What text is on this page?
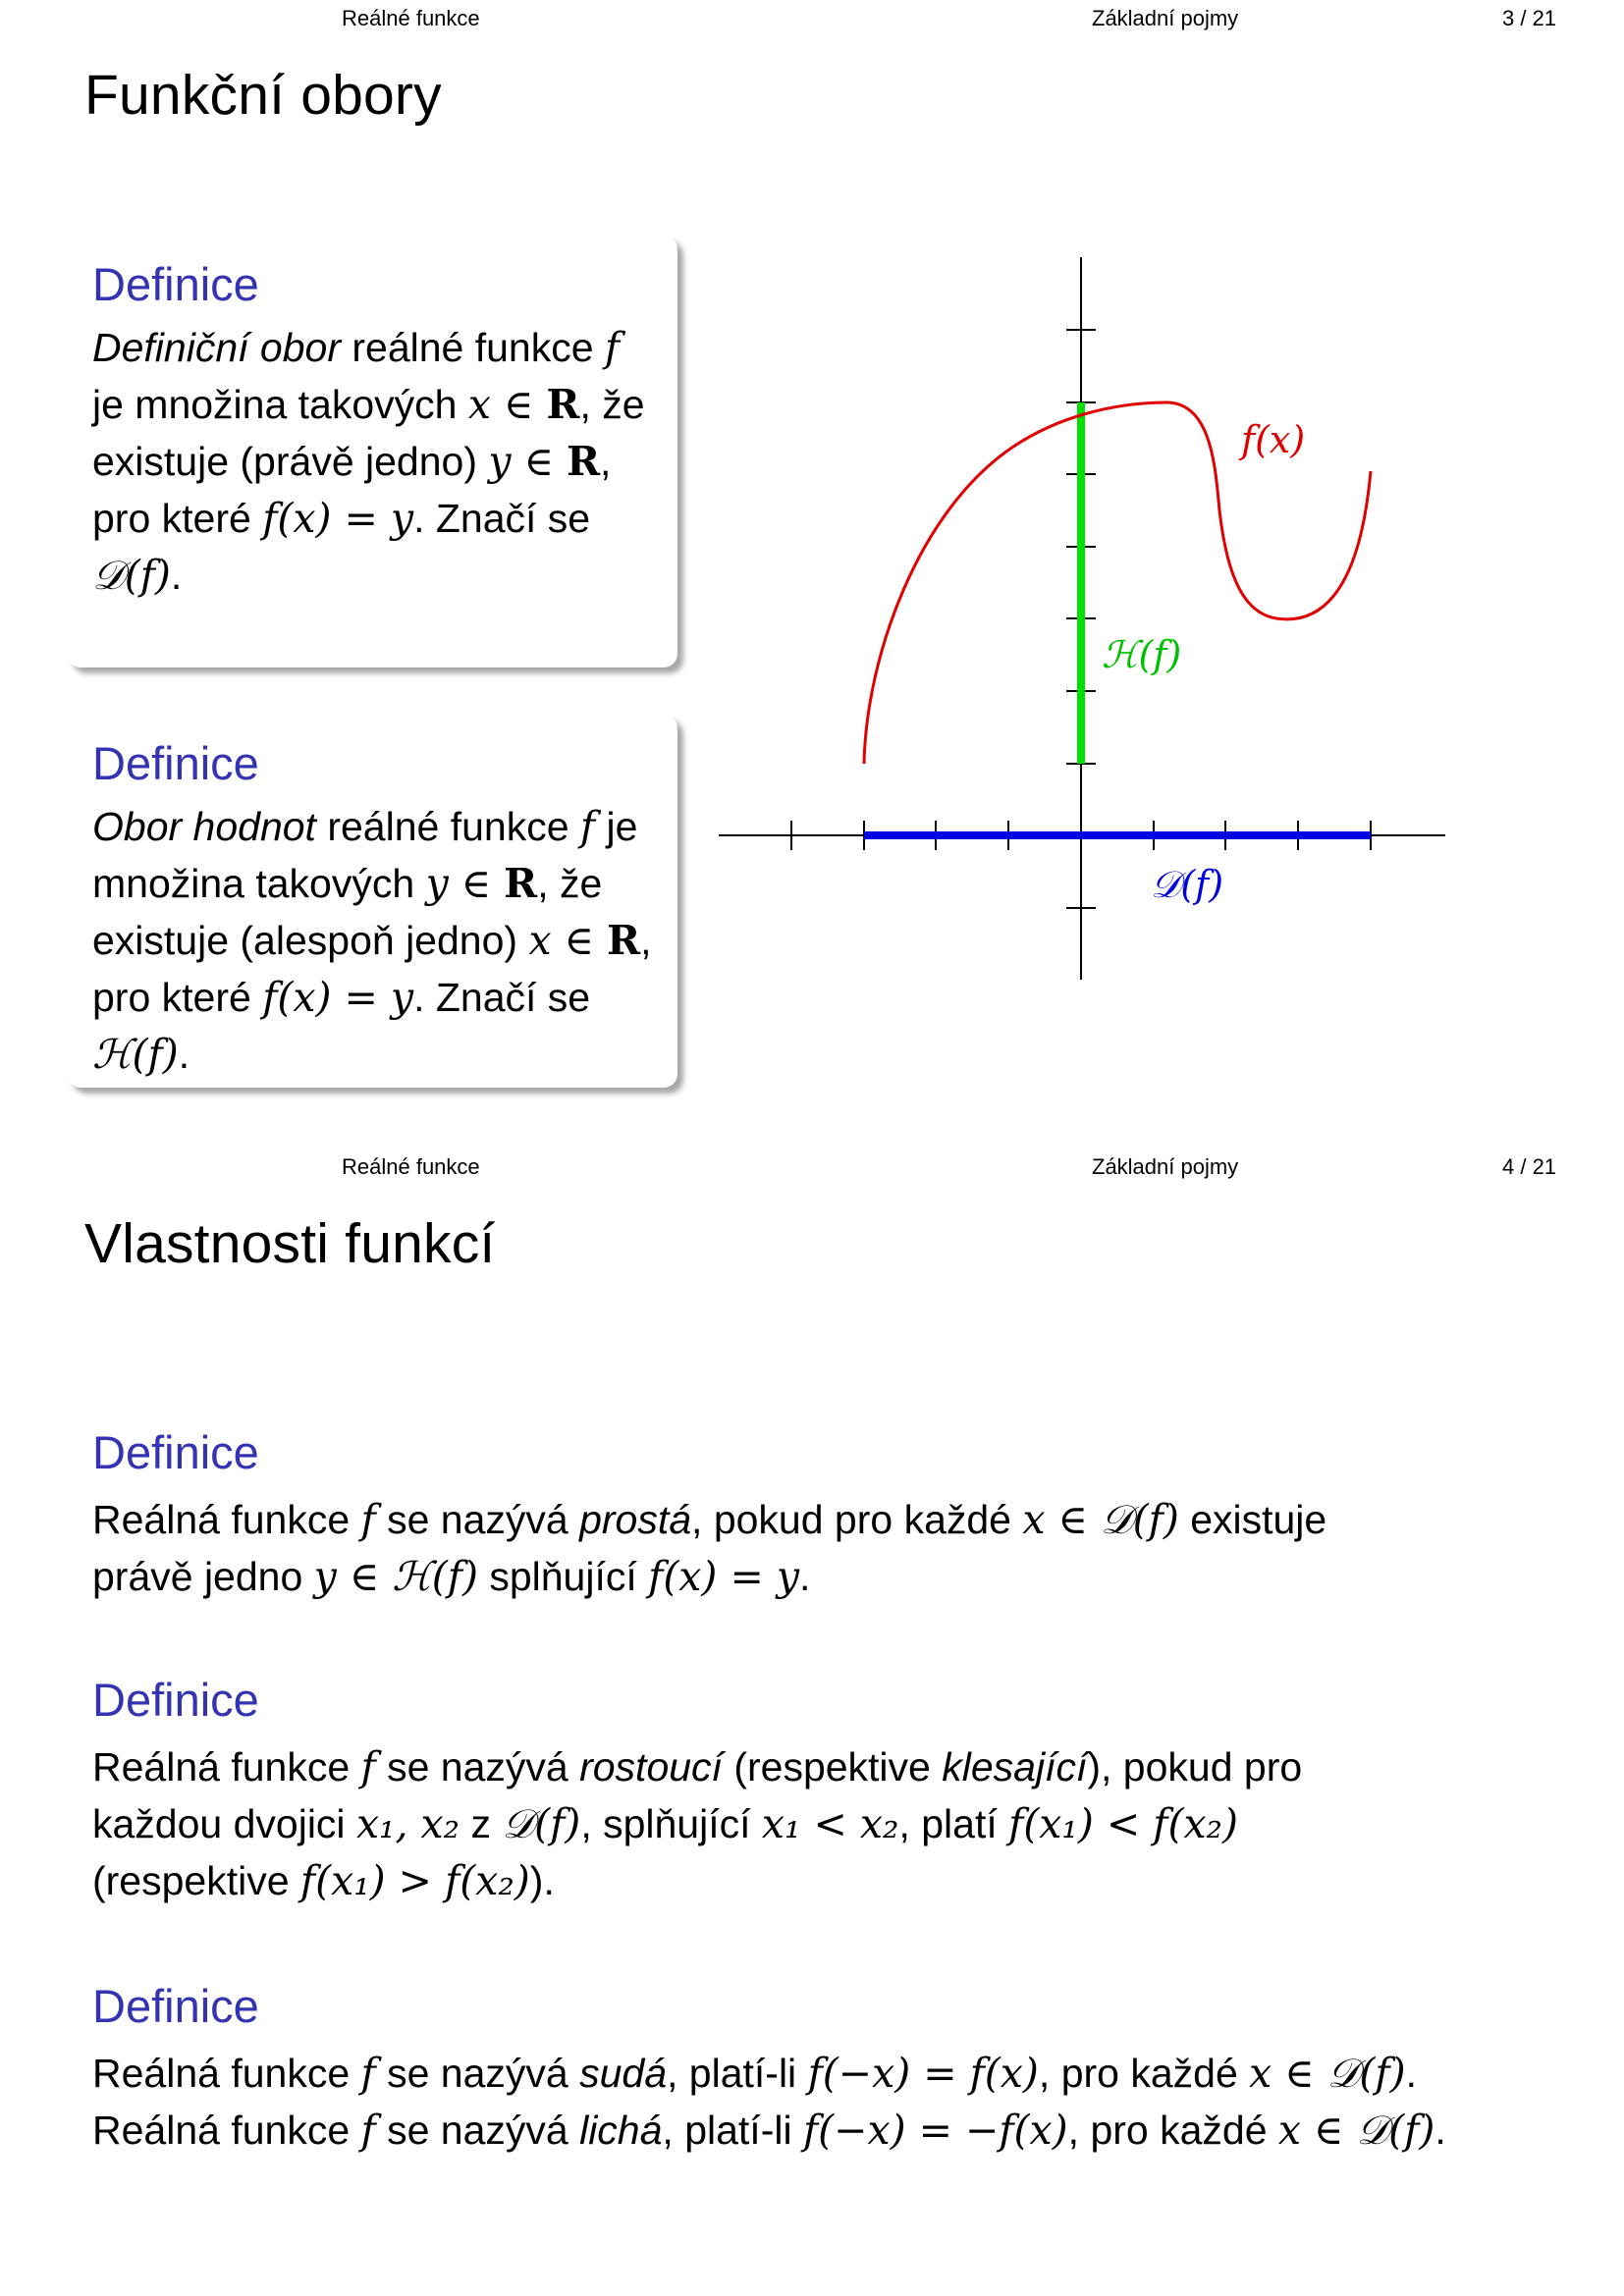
Reálné funkce	Základní pojmy	3 / 21
Funkční obory
Definice
Definiční obor reálné funkce f je množina takových x ∈ R, že existuje (právě jedno) y ∈ R, pro které f(x) = y. Značí se 𝒟(f).
Definice
Obor hodnot reálné funkce f je množina takových y ∈ R, že existuje (alespoň jedno) x ∈ R, pro které f(x) = y. Značí se ℋ(f).
f(x)
ℋ(f)
𝒟(f)
Reálné funkce	Základní pojmy	4 / 21
Vlastnosti funkcí
Definice
Reálná funkce f se nazývá prostá, pokud pro každé x ∈ 𝒟(f) existuje
právě jedno y ∈ ℋ(f) splňující f(x) = y.
Definice
Reálná funkce f se nazývá rostoucí (respektive klesající), pokud pro
každou dvojici x₁, x₂ z 𝒟(f), splňující x₁ < x₂, platí f(x₁) < f(x₂)
(respektive f(x₁) > f(x₂)).
Definice
Reálná funkce f se nazývá sudá, platí-li f(−x) = f(x), pro každé x ∈ 𝒟(f).
Reálná funkce f se nazývá lichá, platí-li f(−x) = −f(x), pro každé x ∈ 𝒟(f).
